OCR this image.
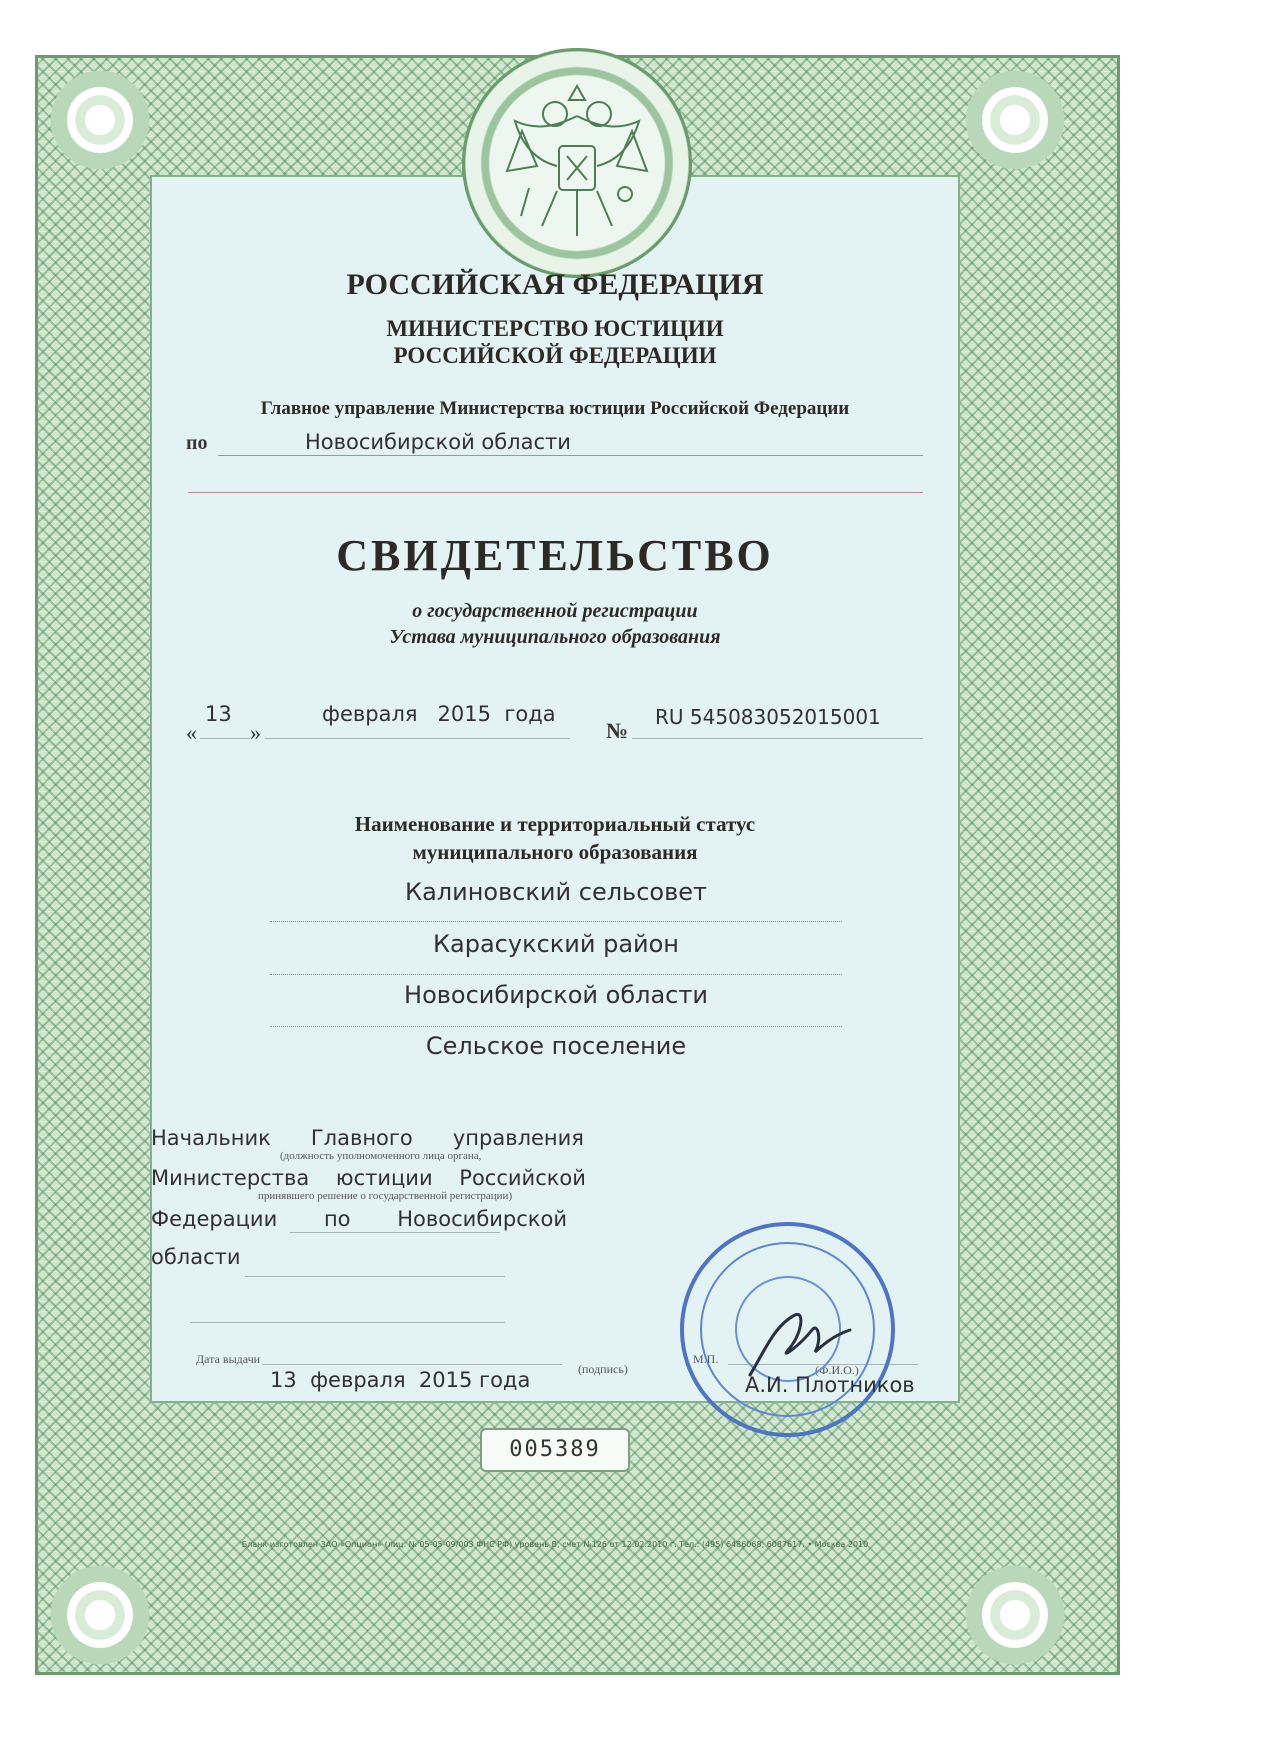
РОССИЙСКАЯ ФЕДЕРАЦИЯ
МИНИСТЕРСТВО ЮСТИЦИИ
РОССИЙСКОЙ ФЕДЕРАЦИИ
Главное управление Министерства юстиции Российской Федерации
по	Новосибирской области
СВИДЕТЕЛЬСТВО
о государственной регистрации
Устава муниципального образования
«
13
»
февраля   2015  года
№
RU 545083052015001
Наименование и территориальный статус
муниципального образования
Калиновский сельсовет
Карасукский район
Новосибирской области
Сельское поселение
Начальник      Главного      управления
(должность уполномоченного лица органа,
Министерства    юстиции    Российской
принявшего решение о государственной регистрации)
Федерации       по       Новосибирской
области
Дата выдачи
13  февраля  2015 года	(подпись)
М.П.
(Ф.И.О.)
А.И. Плотников
005389
Бланк изготовлен ЗАО «Опцион» (лиц. № 05-05-09/003 ФНС РФ) уровень В, счет №126 от 12.02.2010 г. Тел.: (495) 6486068, 6087617. • Москва 2010
